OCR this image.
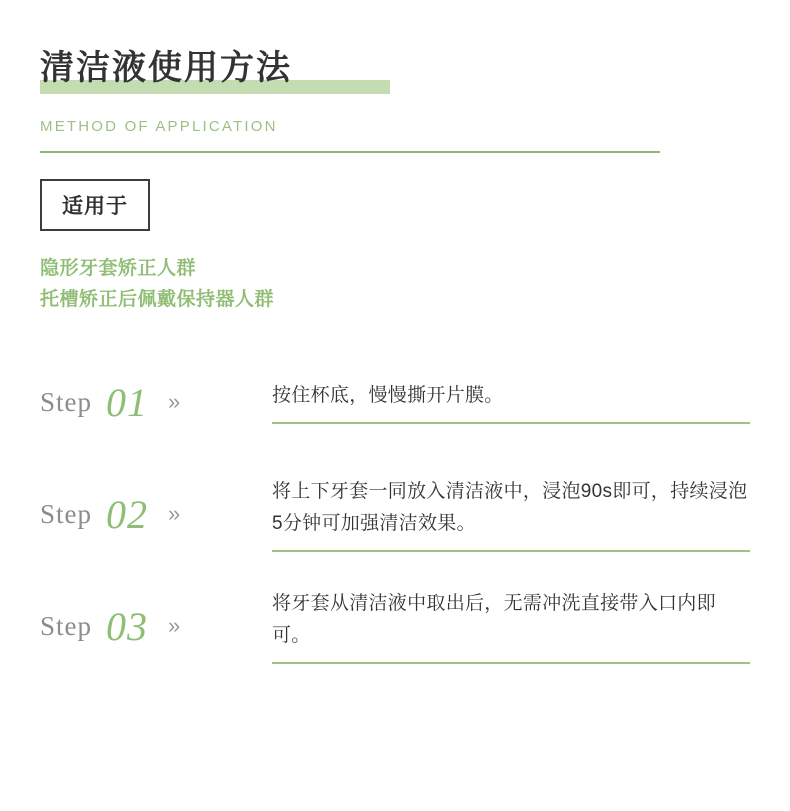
清洁液使用方法
METHOD OF APPLICATION
适用于
隐形牙套矫正人群
托槽矫正后佩戴保持器人群
Step 01 »	按住杯底，慢慢撕开片膜。
Step 02 »
将上下牙套一同放入清洁液中，浸泡90s即可，持续浸泡5分钟可加强清洁效果。
Step 03 »
将牙套从清洁液中取出后，无需冲洗直接带入口内即可。
